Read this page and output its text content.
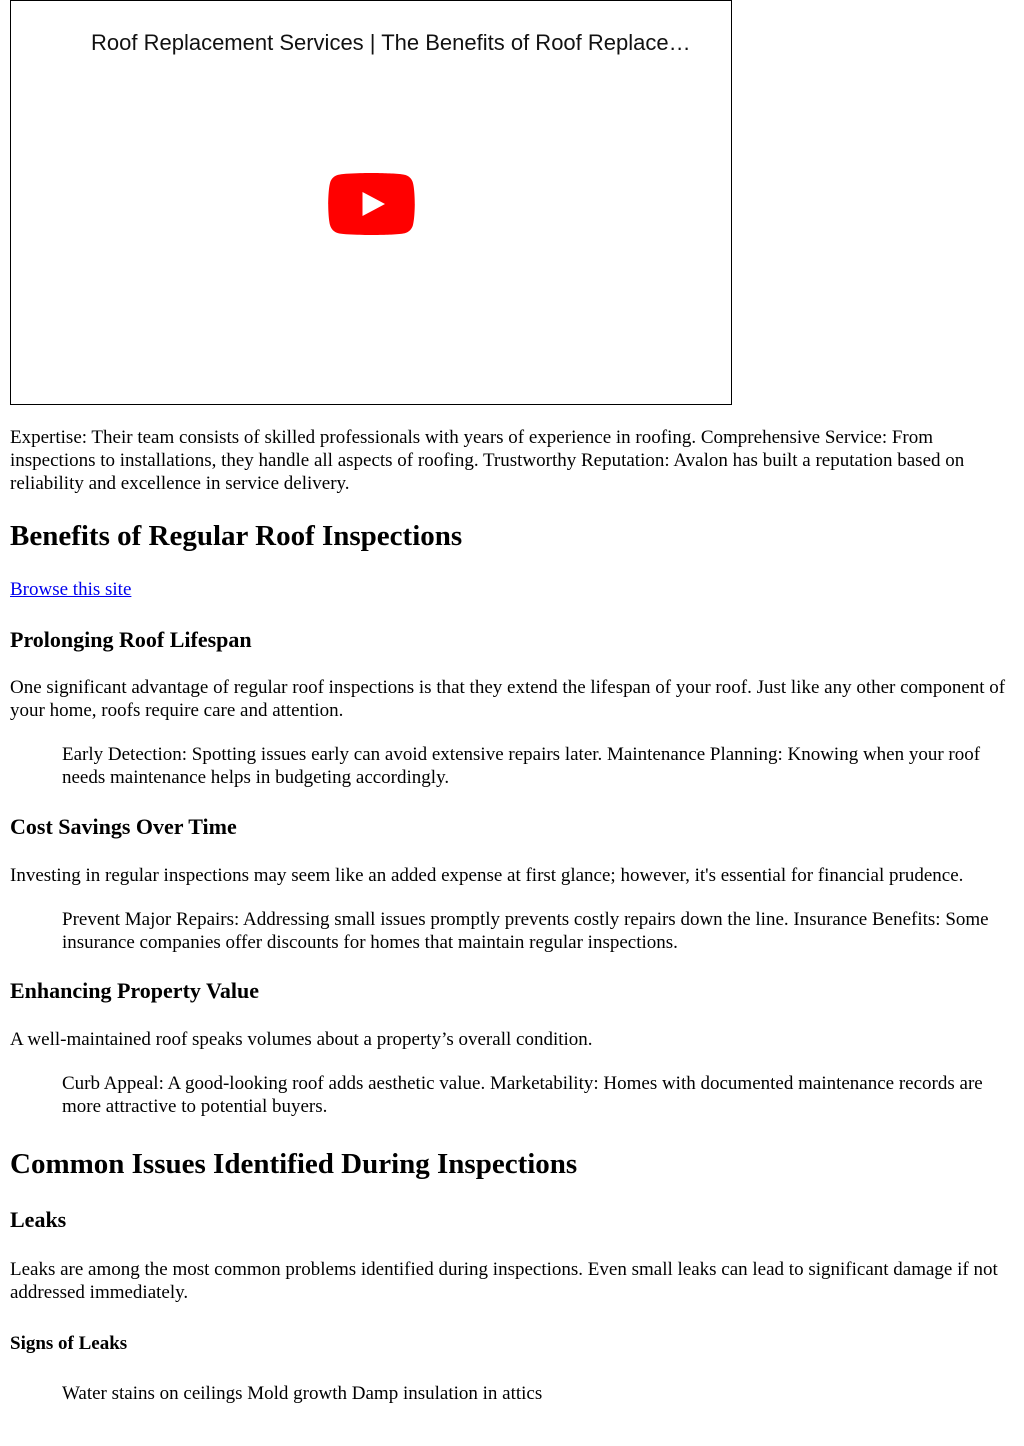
Roof Replacement Services | The Benefits of Roof Replace…

Expertise: Their team consists of skilled professionals with years of experience in roofing. Comprehensive Service: From inspections to installations, they handle all aspects of roofing. Trustworthy Reputation: Avalon has built a reputation based on reliability and excellence in service delivery.

Benefits of Regular Roof Inspections

Browse this site

Prolonging Roof Lifespan

One significant advantage of regular roof inspections is that they extend the lifespan of your roof. Just like any other component of your home, roofs require care and attention.

Early Detection: Spotting issues early can avoid extensive repairs later. Maintenance Planning: Knowing when your roof needs maintenance helps in budgeting accordingly.

Cost Savings Over Time

Investing in regular inspections may seem like an added expense at first glance; however, it's essential for financial prudence.

Prevent Major Repairs: Addressing small issues promptly prevents costly repairs down the line. Insurance Benefits: Some insurance companies offer discounts for homes that maintain regular inspections.

Enhancing Property Value

A well-maintained roof speaks volumes about a property’s overall condition.

Curb Appeal: A good-looking roof adds aesthetic value. Marketability: Homes with documented maintenance records are more attractive to potential buyers.

Common Issues Identified During Inspections
Leaks

Leaks are among the most common problems identified during inspections. Even small leaks can lead to significant damage if not addressed immediately.

Signs of Leaks

Water stains on ceilings Mold growth Damp insulation in attics
